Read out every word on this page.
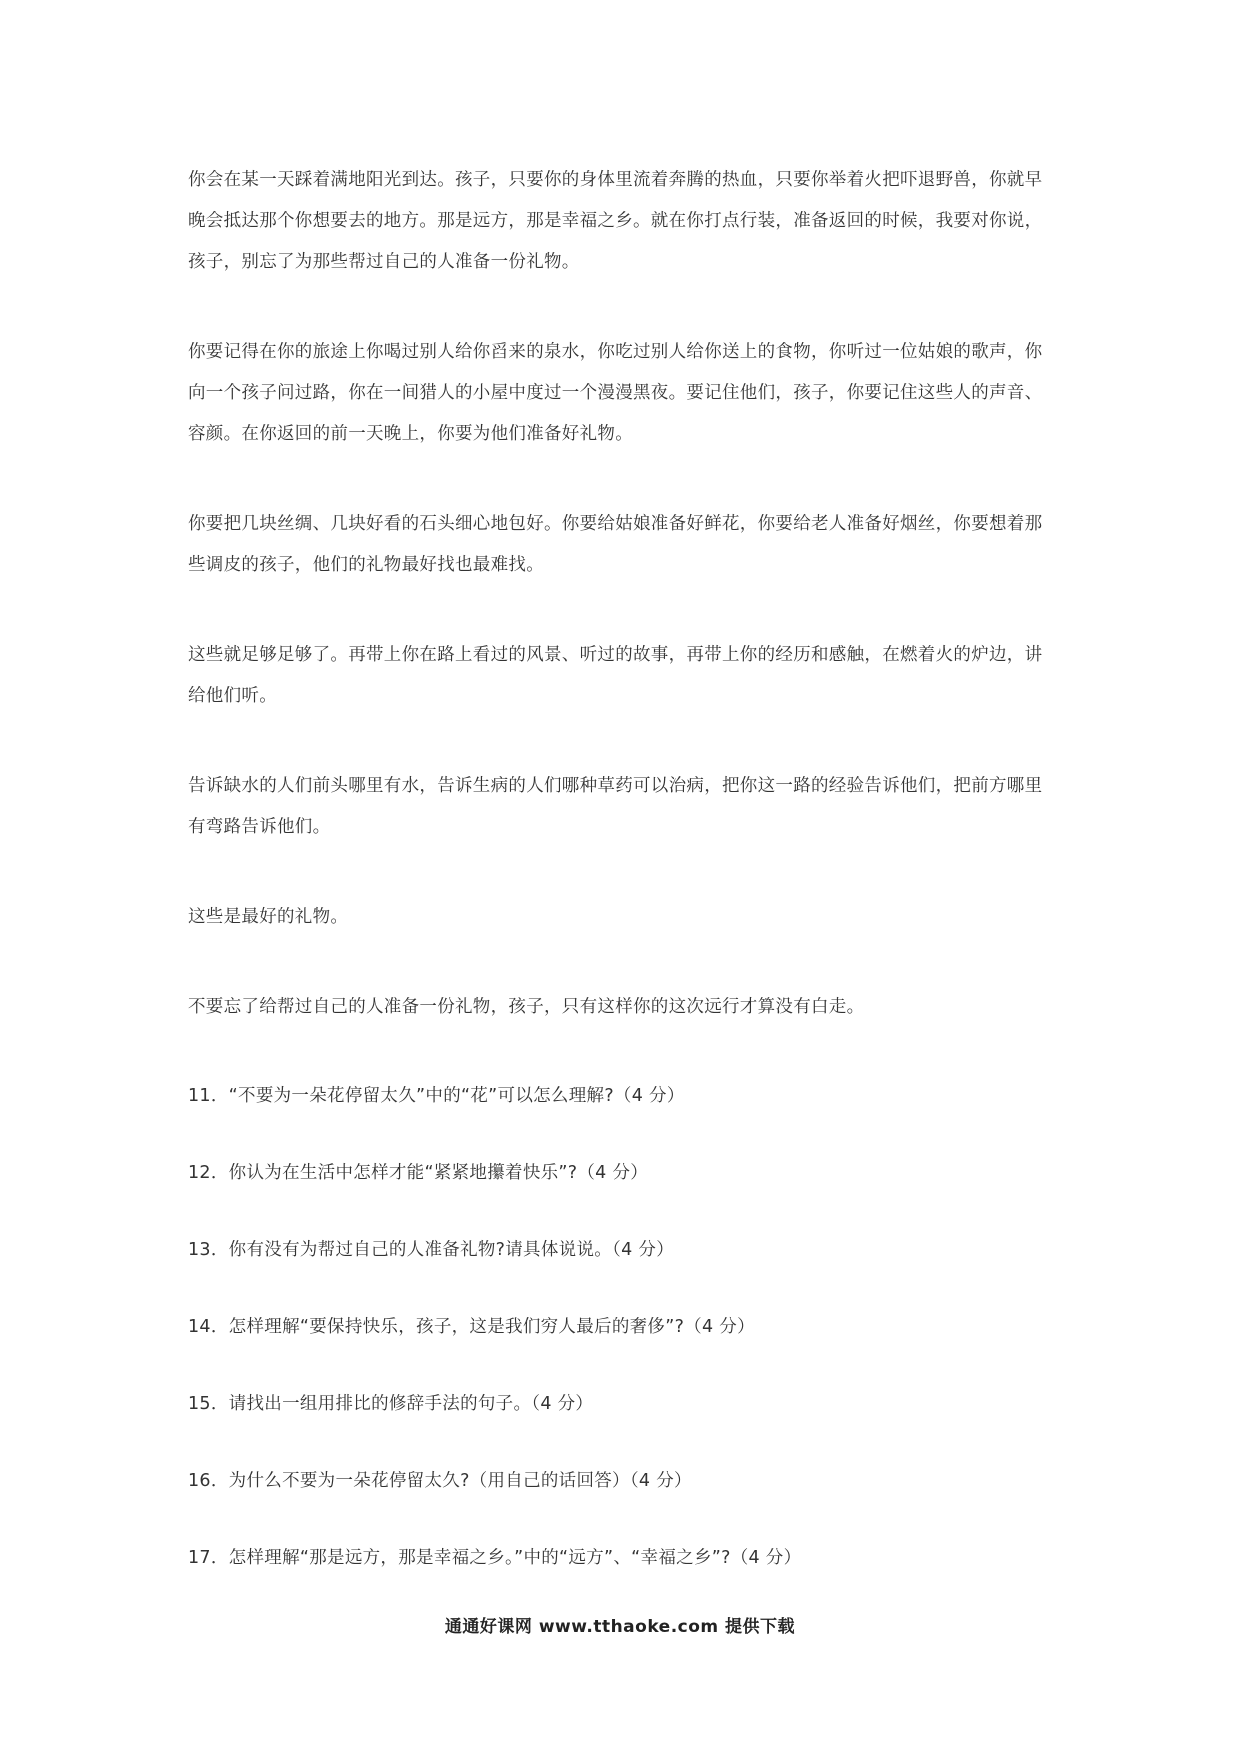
你会在某一天踩着满地阳光到达。孩子，只要你的身体里流着奔腾的热血，只要你举着火把吓退野兽，你就早晚会抵达那个你想要去的地方。那是远方，那是幸福之乡。就在你打点行装，准备返回的时候，我要对你说，孩子，别忘了为那些帮过自己的人准备一份礼物。

你要记得在你的旅途上你喝过别人给你舀来的泉水，你吃过别人给你送上的食物，你听过一位姑娘的歌声，你向一个孩子问过路，你在一间猎人的小屋中度过一个漫漫黑夜。要记住他们，孩子，你要记住这些人的声音、容颜。在你返回的前一天晚上，你要为他们准备好礼物。

你要把几块丝绸、几块好看的石头细心地包好。你要给姑娘准备好鲜花，你要给老人准备好烟丝，你要想着那些调皮的孩子，他们的礼物最好找也最难找。

这些就足够足够了。再带上你在路上看过的风景、听过的故事，再带上你的经历和感触，在燃着火的炉边，讲给他们听。

告诉缺水的人们前头哪里有水，告诉生病的人们哪种草药可以治病，把你这一路的经验告诉他们，把前方哪里有弯路告诉他们。

这些是最好的礼物。

不要忘了给帮过自己的人准备一份礼物，孩子，只有这样你的这次远行才算没有白走。

11．“不要为一朵花停留太久”中的“花”可以怎么理解?（4 分）

12．你认为在生活中怎样才能“紧紧地攥着快乐”?（4 分）

13．你有没有为帮过自己的人准备礼物?请具体说说。（4 分）

14．怎样理解“要保持快乐，孩子，这是我们穷人最后的奢侈”?（4 分）

15．请找出一组用排比的修辞手法的句子。（4 分）

16．为什么不要为一朵花停留太久?（用自己的话回答）（4 分）

17．怎样理解“那是远方，那是幸福之乡。”中的“远方”、“幸福之乡”?（4 分）

通通好课网 www.tthaoke.com 提供下载
